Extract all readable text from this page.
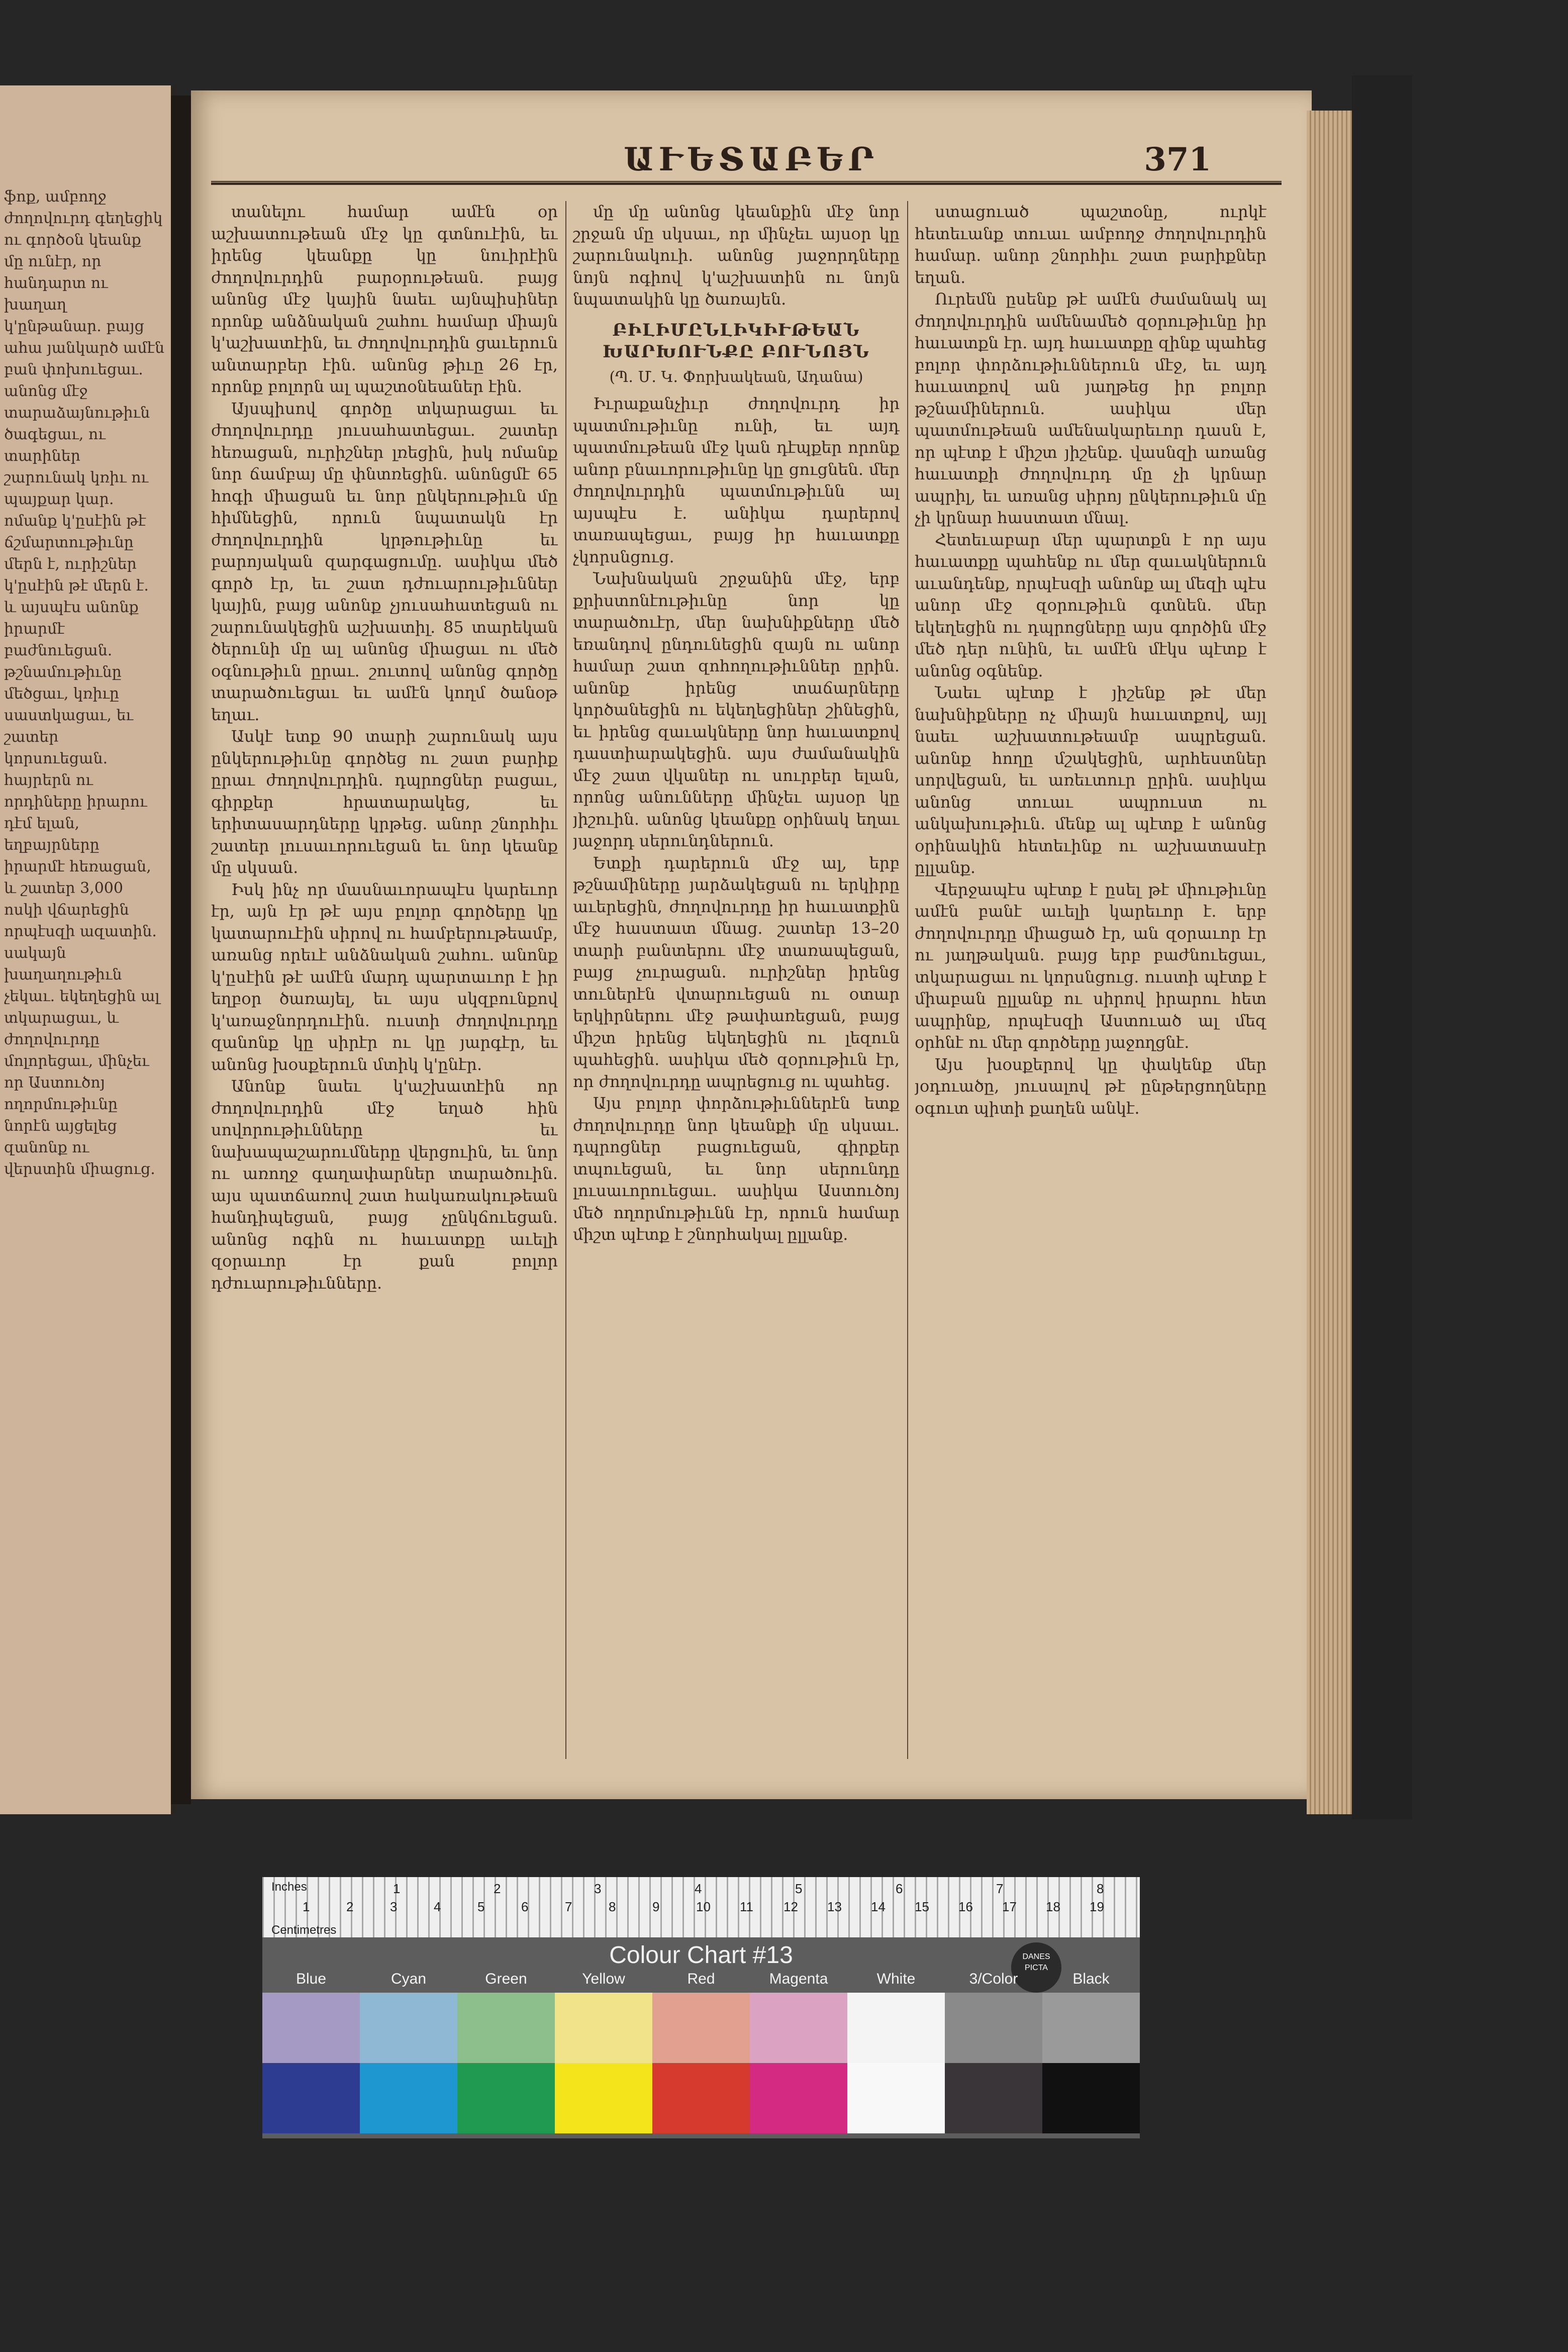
ֆոք, ամբողջ ժողովուրդ գեղեցիկ ու գործօն կեանք մը ունէր, որ հանդարտ ու խաղաղ կ'ընթանար. բայց ահա յանկարծ ամէն բան փոխուեցաւ. անոնց մէջ տարաձայնութիւն ծագեցաւ, ու տարիներ շարունակ կռիւ ու պայքար կար. ոմանք կ'ըսէին թէ ճշմարտութիւնը մերն է, ուրիշներ կ'ըսէին թէ մերն է. և այսպէս անոնք իրարմէ բաժնուեցան. թշնամութիւնը մեծցաւ, կռիւը սաստկացաւ, եւ շատեր կորսուեցան. հայրերն ու որդիները իրարու դէմ ելան, եղբայրները իրարմէ հեռացան, և շատեր 3,000 ոսկի վճարեցին որպէսզի ազատին. սակայն խաղաղութիւն չեկաւ. եկեղեցին ալ տկարացաւ, և ժողովուրդը մոլորեցաւ, մինչեւ որ Աստուծոյ ողորմութիւնը նորէն այցելեց զանոնք ու վերստին միացուց.
ԱՒԵՏԱԲԵՐ	371
տանելու համար ամէն օր աշխատութեան մէջ կը գտնուէին, եւ իրենց կեանքը կը նուիրէին ժողովուրդին բարօրութեան. բայց անոնց մէջ կային նաեւ այնպիսիներ որոնք անձնական շահու համար միայն կ'աշխատէին, եւ ժողովուրդին ցաւերուն անտարբեր էին. անոնց թիւը 26 էր, որոնք բոլորն ալ պաշտօնեաներ էին.
Այսպիսով գործը տկարացաւ եւ ժողովուրդը յուսահատեցաւ. շատեր հեռացան, ուրիշներ լռեցին, իսկ ոմանք նոր ճամբայ մը փնտռեցին. անոնցմէ 65 հոգի միացան եւ նոր ընկերութիւն մը հիմնեցին, որուն նպատակն էր ժողովուրդին կրթութիւնը եւ բարոյական զարգացումը. ասիկա մեծ գործ էր, եւ շատ դժուարութիւններ կային, բայց անոնք չյուսահատեցան ու շարունակեցին աշխատիլ. 85 տարեկան ծերունի մը ալ անոնց միացաւ ու մեծ օգնութիւն ըրաւ. շուտով անոնց գործը տարածուեցաւ եւ ամէն կողմ ծանօթ եղաւ.
Ասկէ ետք 90 տարի շարունակ այս ընկերութիւնը գործեց ու շատ բարիք ըրաւ ժողովուրդին. դպրոցներ բացաւ, գիրքեր հրատարակեց, եւ երիտասարդները կրթեց. անոր շնորհիւ շատեր լուսաւորուեցան եւ նոր կեանք մը սկսան.
Իսկ ինչ որ մասնաւորապէս կարեւոր էր, այն էր թէ այս բոլոր գործերը կը կատարուէին սիրով ու համբերութեամբ, առանց որեւէ անձնական շահու. անոնք կ'ըսէին թէ ամէն մարդ պարտաւոր է իր եղբօր ծառայել, եւ այս սկզբունքով կ'առաջնորդուէին. ուստի ժողովուրդը զանոնք կը սիրէր ու կը յարգէր, եւ անոնց խօսքերուն մտիկ կ'ընէր.
Անոնք նաեւ կ'աշխատէին որ ժողովուրդին մէջ եղած հին սովորութիւնները եւ նախապաշարումները վերցուին, եւ նոր ու առողջ գաղափարներ տարածուին. այս պատճառով շատ հակառակութեան հանդիպեցան, բայց չընկճուեցան. անոնց ոգին ու հաւատքը աւելի զօրաւոր էր քան բոլոր դժուարութիւնները.
մը մը անոնց կեանքին մէջ նոր շրջան մը սկսաւ, որ մինչեւ այսօր կը շարունակուի. անոնց յաջորդները նոյն ոգիով կ'աշխատին ու նոյն նպատակին կը ծառայեն.
ԲԻԼԻՄԸՆԼԻԿԻՒԹԵԱՆ ԽԱՐԽՈՒՆՔԸ ԲՈՒՆՈՅՆ
(Պ. Մ. Կ. Փորխակեան, Ադանա)
Իւրաքանչիւր ժողովուրդ իր պատմութիւնը ունի, եւ այդ պատմութեան մէջ կան դէպքեր որոնք անոր բնաւորութիւնը կը ցուցնեն. մեր ժողովուրդին պատմութիւնն ալ այսպէս է. անիկա դարերով տառապեցաւ, բայց իր հաւատքը չկորսնցուց.
Նախնական շրջանին մէջ, երբ քրիստոնէութիւնը նոր կը տարածուէր, մեր նախնիքները մեծ եռանդով ընդունեցին զայն ու անոր համար շատ զոհողութիւններ ըրին. անոնք իրենց տաճարները կործանեցին ու եկեղեցիներ շինեցին, եւ իրենց զաւակները նոր հաւատքով դաստիարակեցին. այս ժամանակին մէջ շատ վկաներ ու սուրբեր ելան, որոնց անունները մինչեւ այսօր կը յիշուին. անոնց կեանքը օրինակ եղաւ յաջորդ սերունդներուն.
Ետքի դարերուն մէջ ալ, երբ թշնամիները յարձակեցան ու երկիրը աւերեցին, ժողովուրդը իր հաւատքին մէջ հաստատ մնաց. շատեր 13–20 տարի բանտերու մէջ տառապեցան, բայց չուրացան. ուրիշներ իրենց տուներէն վտարուեցան ու օտար երկիրներու մէջ թափառեցան, բայց միշտ իրենց եկեղեցին ու լեզուն պահեցին. ասիկա մեծ զօրութիւն էր, որ ժողովուրդը ապրեցուց ու պահեց.
Այս բոլոր փորձութիւններէն ետք ժողովուրդը նոր կեանքի մը սկսաւ. դպրոցներ բացուեցան, գիրքեր տպուեցան, եւ նոր սերունդը լուսաւորուեցաւ. ասիկա Աստուծոյ մեծ ողորմութիւնն էր, որուն համար միշտ պէտք է շնորհակալ ըլլանք.
ստացուած պաշտօնը, ուրկէ հետեւանք տուաւ ամբողջ ժողովուրդին համար. անոր շնորհիւ շատ բարիքներ եղան.
Ուրեմն ըսենք թէ ամէն ժամանակ ալ ժողովուրդին ամենամեծ զօրութիւնը իր հաւատքն էր. այդ հաւատքը զինք պահեց բոլոր փորձութիւններուն մէջ, եւ այդ հաւատքով ան յաղթեց իր բոլոր թշնամիներուն. ասիկա մեր պատմութեան ամենակարեւոր դասն է, որ պէտք է միշտ յիշենք. վասնզի առանց հաւատքի ժողովուրդ մը չի կրնար ապրիլ, եւ առանց սիրոյ ընկերութիւն մը չի կրնար հաստատ մնալ.
Հետեւաբար մեր պարտքն է որ այս հաւատքը պահենք ու մեր զաւակներուն աւանդենք, որպէսզի անոնք ալ մեզի պէս անոր մէջ զօրութիւն գտնեն. մեր եկեղեցին ու դպրոցները այս գործին մէջ մեծ դեր ունին, եւ ամէն մէկս պէտք է անոնց օգնենք.
Նաեւ պէտք է յիշենք թէ մեր նախնիքները ոչ միայն հաւատքով, այլ նաեւ աշխատութեամբ ապրեցան. անոնք հողը մշակեցին, արհեստներ սորվեցան, եւ առեւտուր ըրին. ասիկա անոնց տուաւ ապրուստ ու անկախութիւն. մենք ալ պէտք է անոնց օրինակին հետեւինք ու աշխատասէր ըլլանք.
Վերջապէս պէտք է ըսել թէ միութիւնը ամէն բանէ աւելի կարեւոր է. երբ ժողովուրդը միացած էր, ան զօրաւոր էր ու յաղթական. բայց երբ բաժնուեցաւ, տկարացաւ ու կորսնցուց. ուստի պէտք է միաբան ըլլանք ու սիրով իրարու հետ ապրինք, որպէսզի Աստուած ալ մեզ օրհնէ ու մեր գործերը յաջողցնէ.
Այս խօսքերով կը փակենք մեր յօդուածը, յուսալով թէ ընթերցողները օգուտ պիտի քաղեն անկէ.
Inches
Centimetres
1	2	3	4	5	6	7	8
1	2	3	4	5	6	7	8	9	10 11 12 13 14 15 16 17 18 19
Colour Chart #13	DANES
PICTA
Blue	Cyan	Green	Yellow	Red	Magenta	White	3/Color	Black
